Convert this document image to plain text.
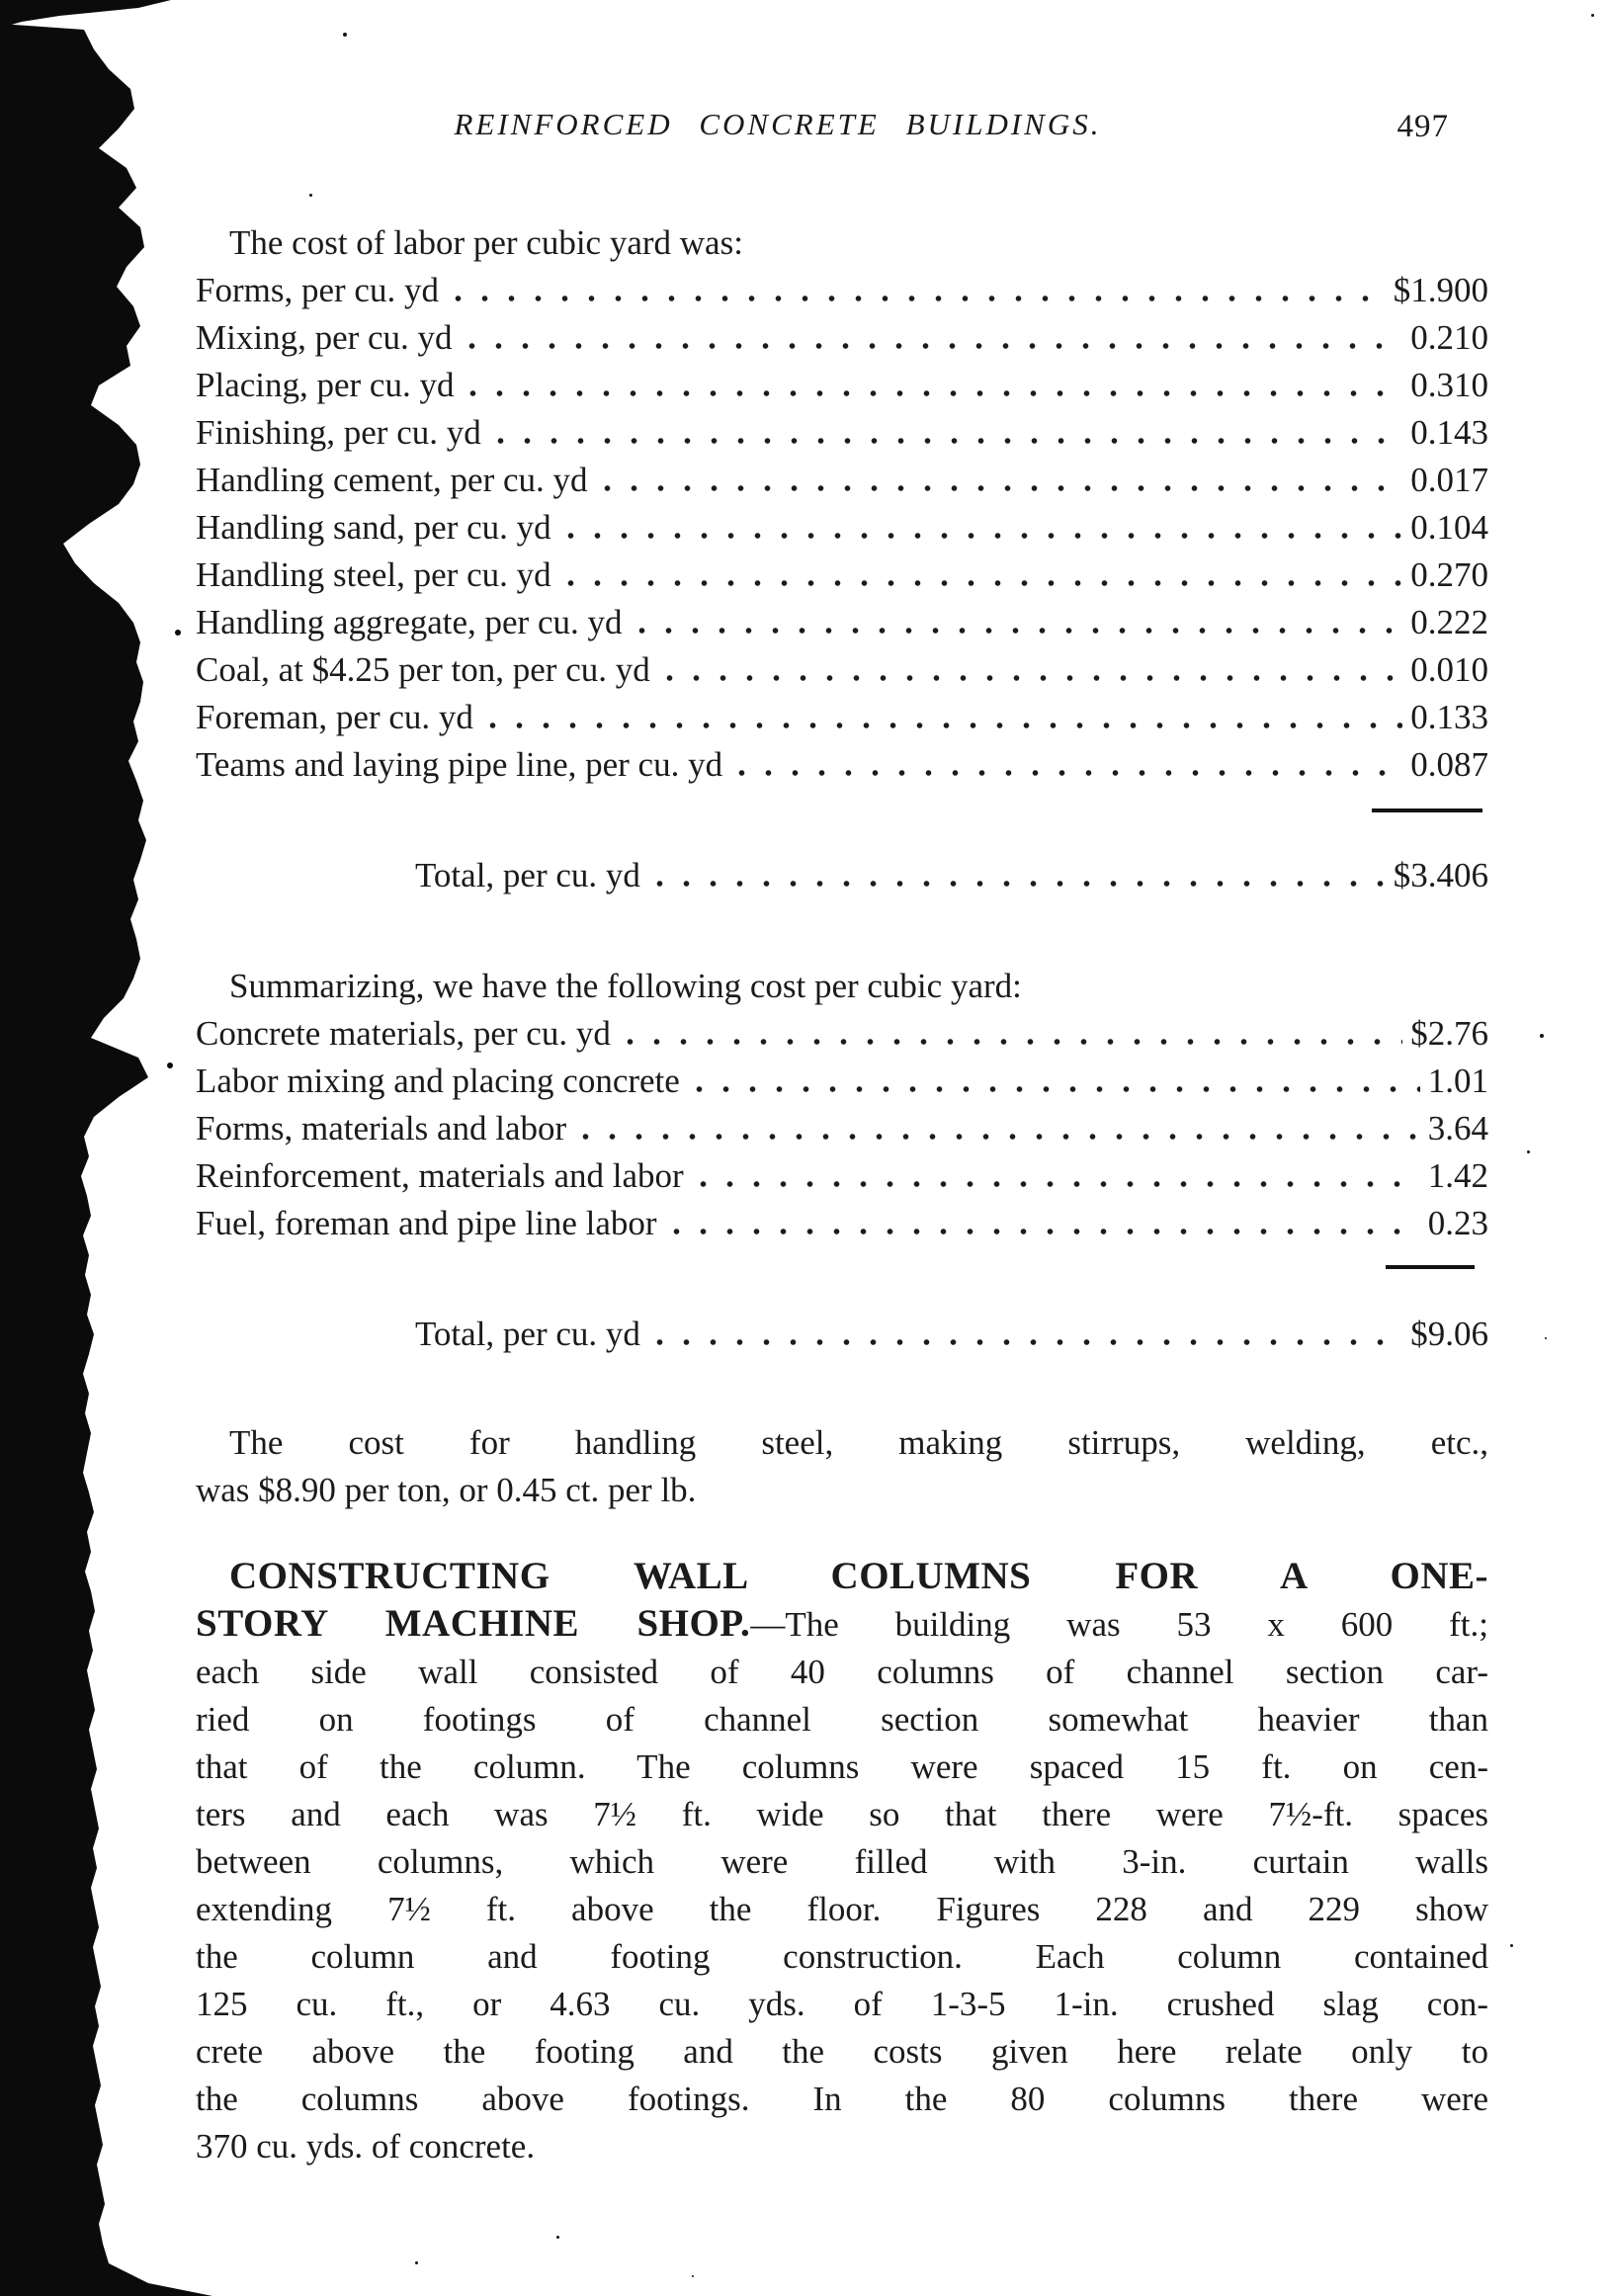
REINFORCED CONCRETE BUILDINGS.	497
The cost of labor per cubic yard was:
Forms, per cu. yd	$1.900
Mixing, per cu. yd	0.210
Placing, per cu. yd	0.310
Finishing, per cu. yd	0.143
Handling cement, per cu. yd	0.017
Handling sand, per cu. yd	0.104
Handling steel, per cu. yd	0.270
Handling aggregate, per cu. yd	0.222
Coal, at $4.25 per ton, per cu. yd	0.010
Foreman, per cu. yd	0.133
Teams and laying pipe line, per cu. yd	0.087
Total, per cu. yd	$3.406
Summarizing, we have the following cost per cubic yard:
Concrete materials, per cu. yd	$2.76
Labor mixing and placing concrete	1.01
Forms, materials and labor	3.64
Reinforcement, materials and labor	1.42
Fuel, foreman and pipe line labor	0.23
Total, per cu. yd	$9.06
The cost for handling steel, making stirrups, welding, etc.,
was $8.90 per ton, or 0.45 ct. per lb.
CONSTRUCTING WALL COLUMNS FOR A ONE-
STORY MACHINE SHOP.—The building was 53 x 600 ft.;
each side wall consisted of 40 columns of channel section car-
ried on footings of channel section somewhat heavier than
that of the column. The columns were spaced 15 ft. on cen-
ters and each was 7½ ft. wide so that there were 7½-ft. spaces
between columns, which were filled with 3-in. curtain walls
extending 7½ ft. above the floor. Figures 228 and 229 show
the column and footing construction. Each column contained
125 cu. ft., or 4.63 cu. yds. of 1-3-5 1-in. crushed slag con-
crete above the footing and the costs given here relate only to
the columns above footings. In the 80 columns there were
370 cu. yds. of concrete.
